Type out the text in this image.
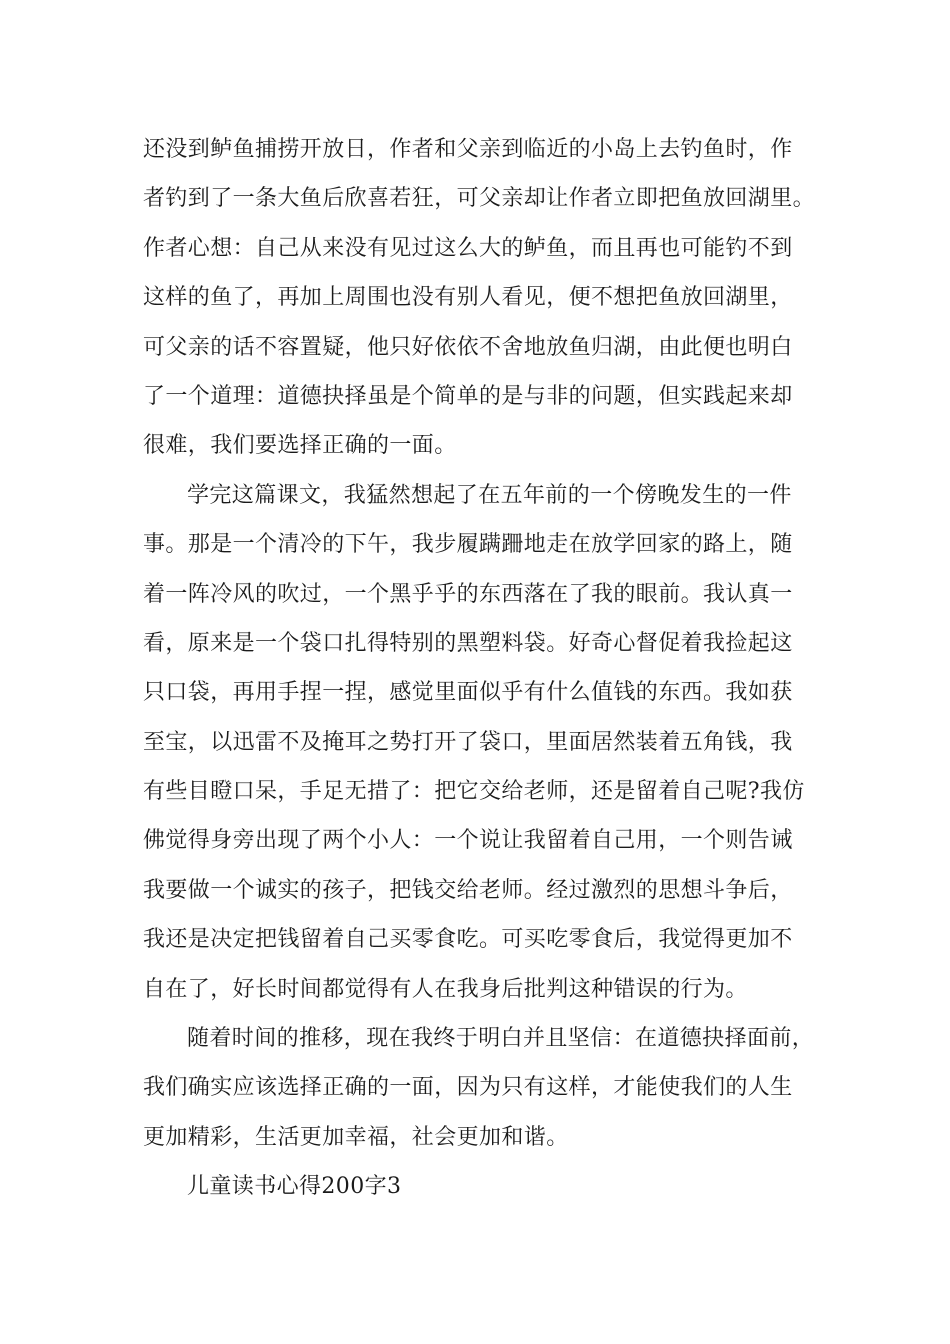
还没到鲈鱼捕捞开放日，作者和父亲到临近的小岛上去钓鱼时，作
者钓到了一条大鱼后欣喜若狂，可父亲却让作者立即把鱼放回湖里。
作者心想：自己从来没有见过这么大的鲈鱼，而且再也可能钓不到
这样的鱼了，再加上周围也没有别人看见，便不想把鱼放回湖里，
可父亲的话不容置疑，他只好依依不舍地放鱼归湖，由此便也明白
了一个道理：道德抉择虽是个简单的是与非的问题，但实践起来却
很难，我们要选择正确的一面。
学完这篇课文，我猛然想起了在五年前的一个傍晚发生的一件
事。那是一个清冷的下午，我步履蹒跚地走在放学回家的路上，随
着一阵冷风的吹过，一个黑乎乎的东西落在了我的眼前。我认真一
看，原来是一个袋口扎得特别的黑塑料袋。好奇心督促着我捡起这
只口袋，再用手捏一捏，感觉里面似乎有什么值钱的东西。我如获
至宝，以迅雷不及掩耳之势打开了袋口，里面居然装着五角钱，我
有些目瞪口呆，手足无措了：把它交给老师，还是留着自己呢?我仿
佛觉得身旁出现了两个小人：一个说让我留着自己用，一个则告诫
我要做一个诚实的孩子，把钱交给老师。经过激烈的思想斗争后，
我还是决定把钱留着自己买零食吃。可买吃零食后，我觉得更加不
自在了，好长时间都觉得有人在我身后批判这种错误的行为。
随着时间的推移，现在我终于明白并且坚信：在道德抉择面前，
我们确实应该选择正确的一面，因为只有这样，才能使我们的人生
更加精彩，生活更加幸福，社会更加和谐。
儿童读书心得200字3
